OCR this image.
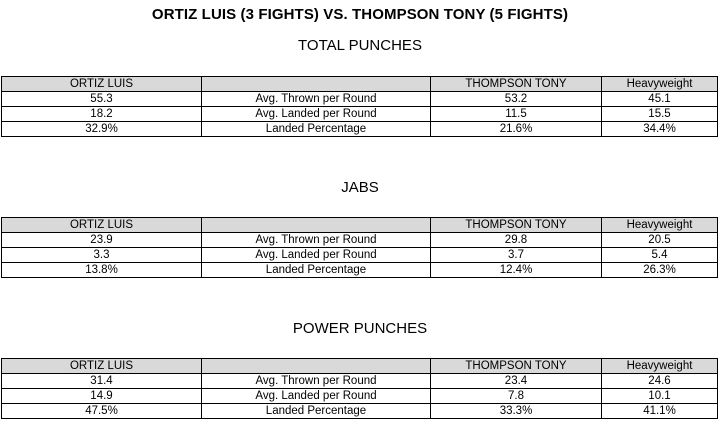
ORTIZ LUIS (3 FIGHTS) VS. THOMPSON TONY (5 FIGHTS)
TOTAL PUNCHES
ORTIZ LUIS		THOMPSON TONY	Heavyweight
55.3	Avg. Thrown per Round	53.2	45.1
18.2	Avg. Landed per Round	11.5	15.5
32.9%	Landed Percentage	21.6%	34.4%
JABS
ORTIZ LUIS		THOMPSON TONY	Heavyweight
23.9	Avg. Thrown per Round	29.8	20.5
3.3	Avg. Landed per Round	3.7	5.4
13.8%	Landed Percentage	12.4%	26.3%
POWER PUNCHES
ORTIZ LUIS		THOMPSON TONY	Heavyweight
31.4	Avg. Thrown per Round	23.4	24.6
14.9	Avg. Landed per Round	7.8	10.1
47.5%	Landed Percentage	33.3%	41.1%
